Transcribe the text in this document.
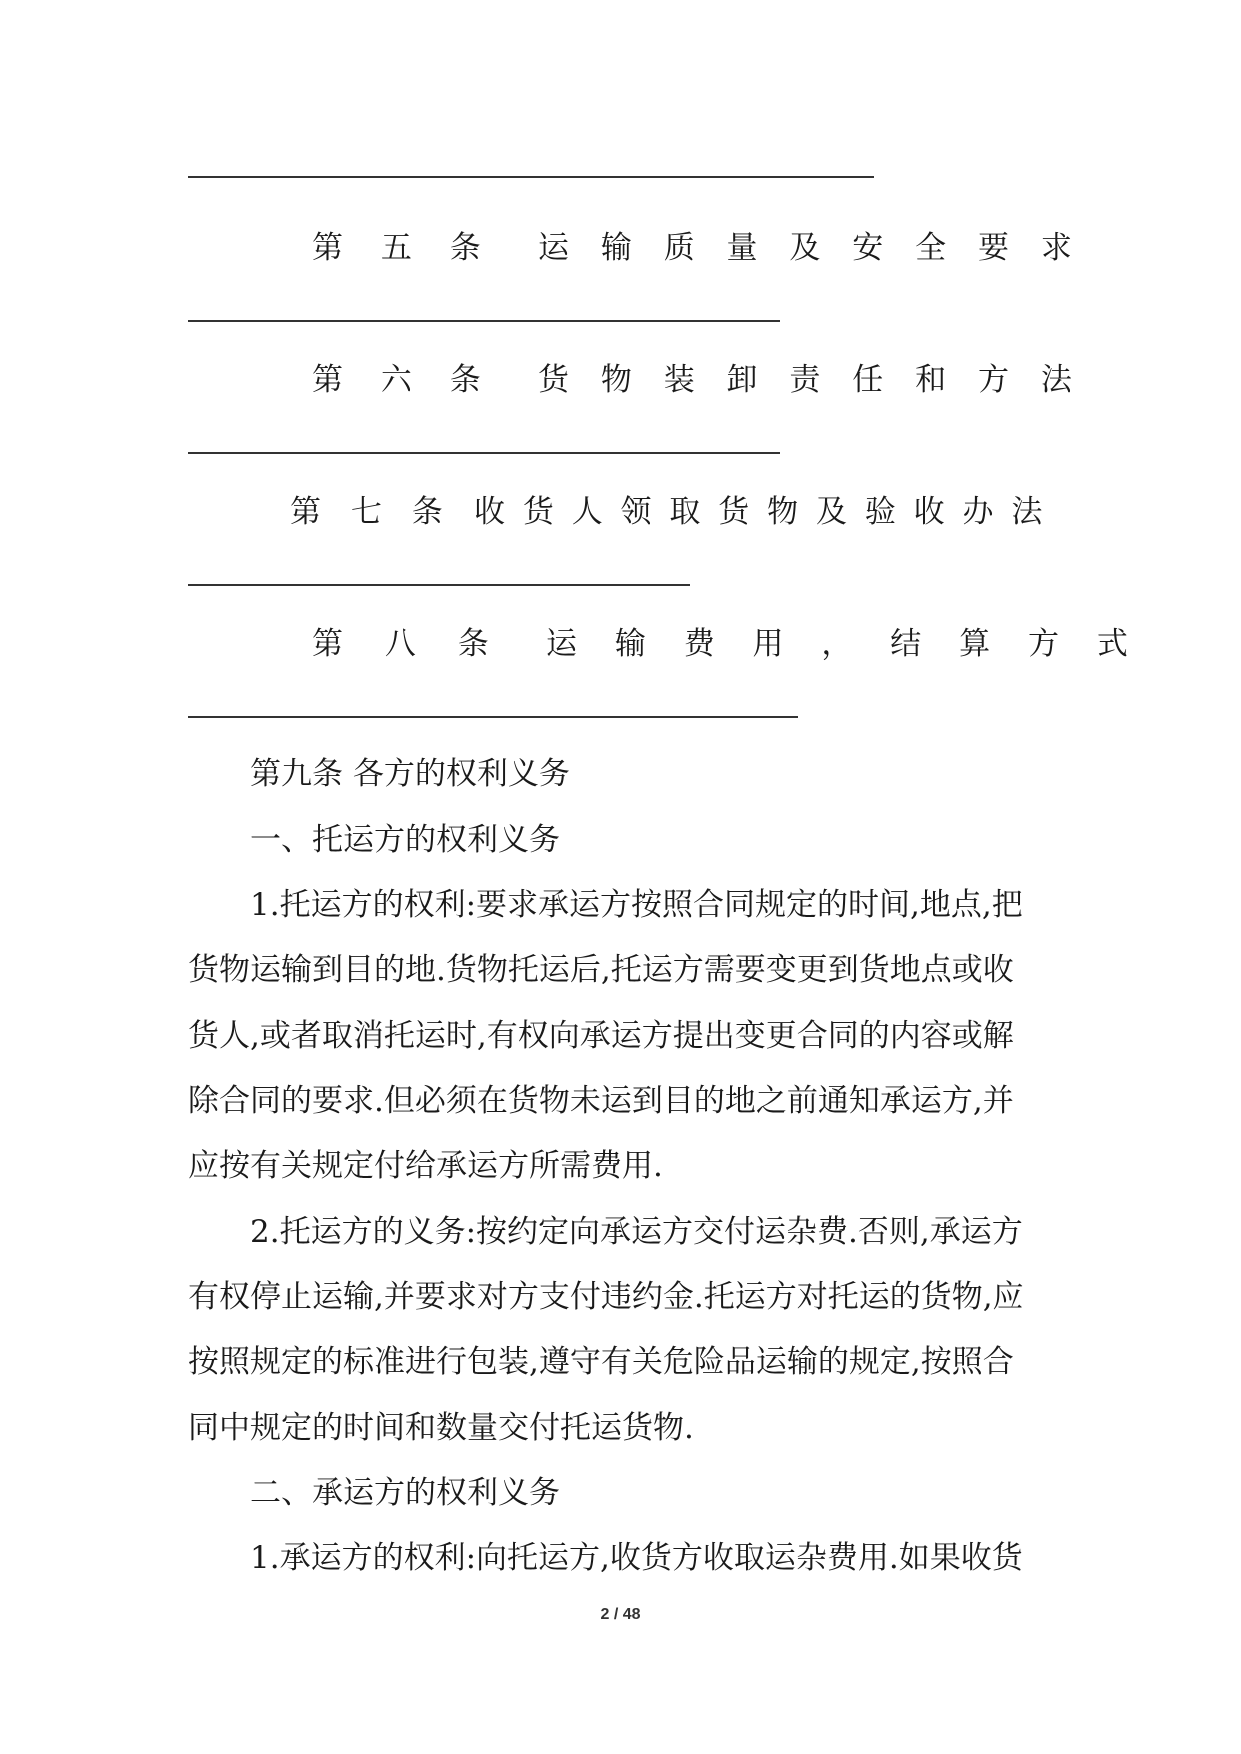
第 五 条 运 输 质 量 及 安 全 要 求
第 六 条 货 物 装 卸 责 任 和 方 法
第 七 条 收 货 人 领 取 货 物 及 验 收 办 法
第 八 条 运 输 费 用 ， 结 算 方 式
第九条 各方的权利义务
一、托运方的权利义务
1.托运方的权利:要求承运方按照合同规定的时间,地点,把
货物运输到目的地.货物托运后,托运方需要变更到货地点或收
货人,或者取消托运时,有权向承运方提出变更合同的内容或解
除合同的要求.但必须在货物未运到目的地之前通知承运方,并
应按有关规定付给承运方所需费用.
2.托运方的义务:按约定向承运方交付运杂费.否则,承运方
有权停止运输,并要求对方支付违约金.托运方对托运的货物,应
按照规定的标准进行包装,遵守有关危险品运输的规定,按照合
同中规定的时间和数量交付托运货物.
二、承运方的权利义务
1.承运方的权利:向托运方,收货方收取运杂费用.如果收货
2 / 48
